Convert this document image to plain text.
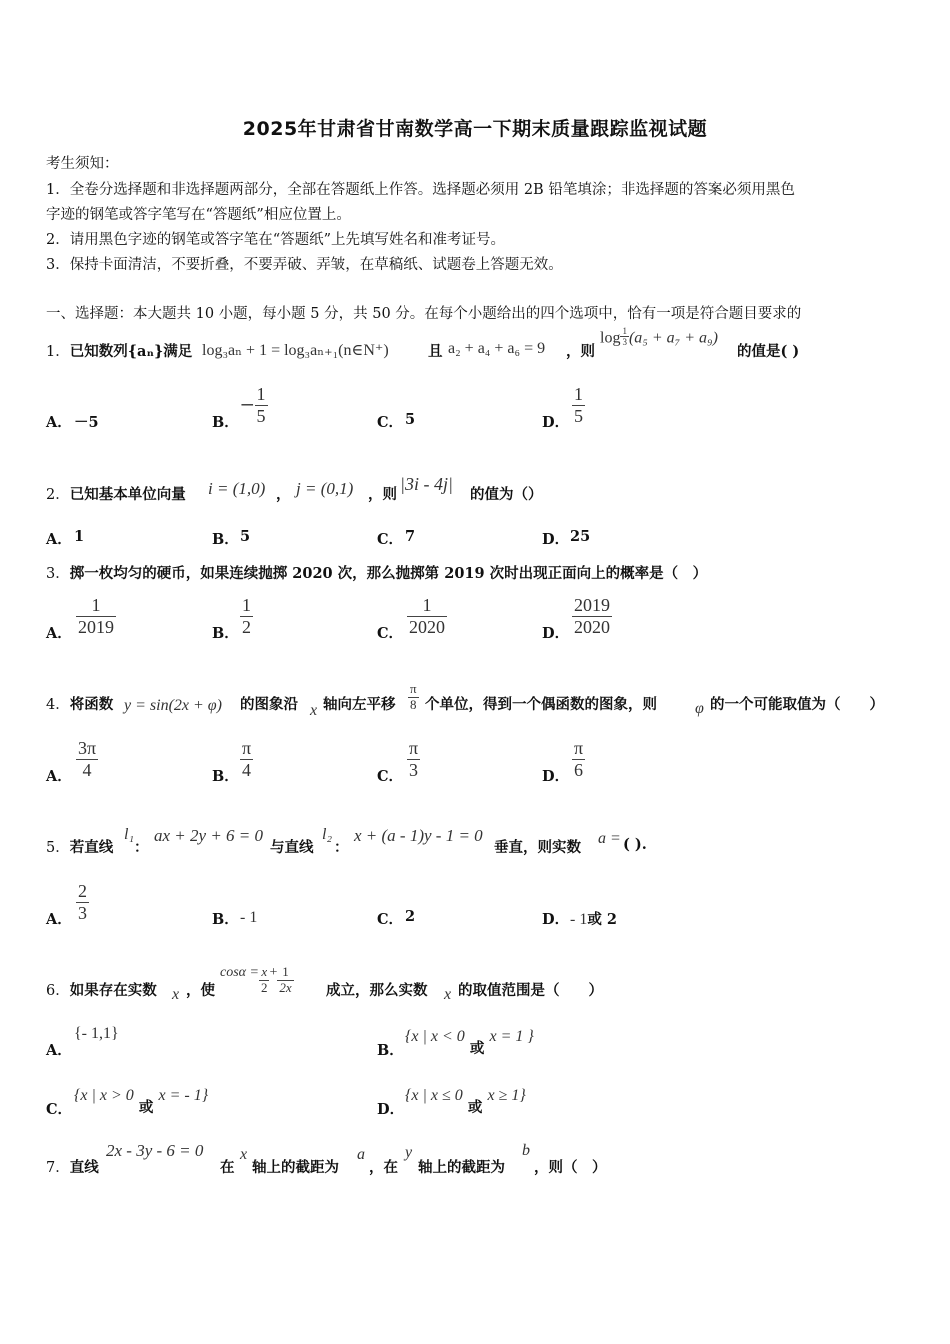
2025年甘肃省甘南数学高一下期末质量跟踪监视试题
考生须知：
1．全卷分选择题和非选择题两部分，全部在答题纸上作答。选择题必须用 2B 铅笔填涂；非选择题的答案必须用黑色
字迹的钢笔或答字笔写在“答题纸”相应位置上。
2．请用黑色字迹的钢笔或答字笔在“答题纸”上先填写姓名和准考证号。
3．保持卡面清洁，不要折叠，不要弄破、弄皱，在草稿纸、试题卷上答题无效。
一、选择题：本大题共 10 小题，每小题 5 分，共 50 分。在每个小题给出的四个选项中，恰有一项是符合题目要求的
1．已知数列{aₙ}满足 log₃aₙ + 1 = log₃aₙ₊₁(n∈N⁺)	且 a₂ + a₄ + a₆ = 9 ，则
$\log \frac{1}{3} (a_5 + a_7 + a_9)$
的值是( )
A． －5	B．
－ $\frac{1}{5}$	C． 5	D． $\frac{1}{5}$
2．已知基本单位向量 i = (1,0) ， j = (0,1) ，则
|3i - 4j|
的值为（）
A． 1	B． 5	C． 7	D． 25
3．掷一枚均匀的硬币，如果连续抛掷 2020 次，那么抛掷第 2019 次时出现正面向上的概率是（　）
A． $\frac{1}{2019}$	B． $\frac{1}{2}$	C． $\frac{1}{2020}$	D． $\frac{2019}{2020}$
4．将函数 y = sin(2x + φ) 的图象沿 x 轴向左平移 $\frac{\pi}{8}$ 个单位，得到一个偶函数的图象，则 φ 的一个可能取值为（　　）
A． $\frac{3\pi}{4}$	B． $\frac{\pi}{4}$	C． $\frac{\pi}{3}$	D． $\frac{\pi}{6}$
5．若直线
l₁
：
ax + 2y + 6 = 0
与直线
l₂
：
x + (a - 1)y - 1 = 0
垂直，则实数
a = ( ).
A． $\frac{2}{3}$	B． - 1	C． 2	D． - 1或 2
6．如果存在实数 x ，使
$\cos\alpha = \frac{x}{2} + \frac{1}{2x}$ 成立，那么实数 x 的取值范围是（　　）
A．
{- 1,1}
B．
{x | x < 0 或 x = 1 }
C．
{x | x > 0 或 x = - 1}
D．
{x | x ≤ 0 或 x ≥ 1}
7．直线
2x - 3y - 6 = 0
在
x
轴上的截距为
a
，在
y
轴上的截距为
b
，则（　）
